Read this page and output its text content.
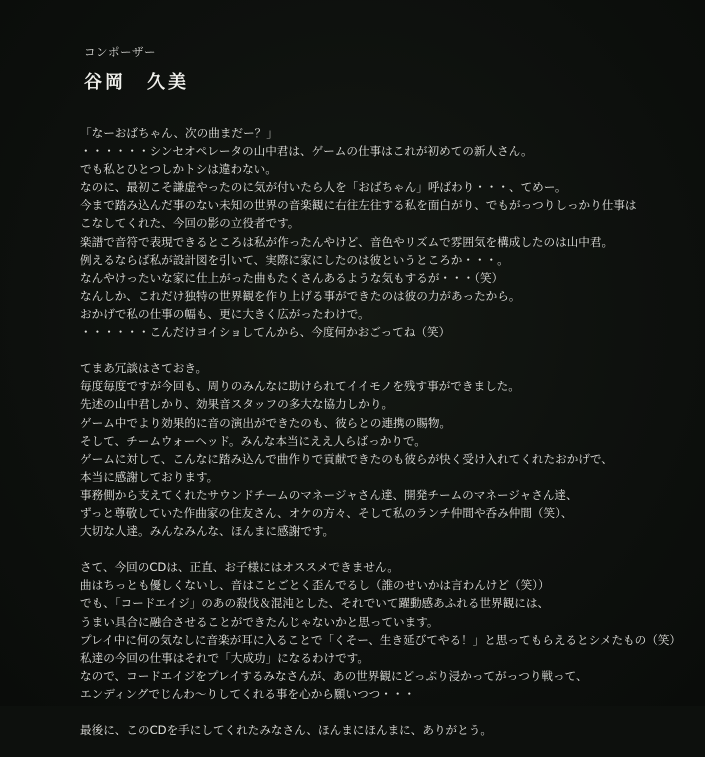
コンポーザー
谷岡　久美
「なーおばちゃん、次の曲まだー？」
・・・・・・シンセオペレータの山中君は、ゲームの仕事はこれが初めての新人さん。
でも私とひとつしかトシは違わない。
なのに、最初こそ謙虚やったのに気が付いたら人を「おばちゃん」呼ばわり・・・、てめー。
今まで踏み込んだ事のない未知の世界の音楽観に右往左往する私を面白がり、でもがっつりしっかり仕事は
こなしてくれた、今回の影の立役者です。
楽譜で音符で表現できるところは私が作ったんやけど、音色やリズムで雰囲気を構成したのは山中君。
例えるならば私が設計図を引いて、実際に家にしたのは彼というところか・・・。
なんやけったいな家に仕上がった曲もたくさんあるような気もするが・・・（笑）
なんしか、これだけ独特の世界観を作り上げる事ができたのは彼の力があったから。
おかげで私の仕事の幅も、更に大きく広がったわけで。
・・・・・・こんだけヨイショしてんから、今度何かおごってね（笑）
てまあ冗談はさておき。
毎度毎度ですが今回も、周りのみんなに助けられてイイモノを残す事ができました。
先述の山中君しかり、効果音スタッフの多大な協力しかり。
ゲーム中でより効果的に音の演出ができたのも、彼らとの連携の賜物。
そして、チームウォーヘッド。みんな本当にええ人らばっかりで。
ゲームに対して、こんなに踏み込んで曲作りで貢献できたのも彼らが快く受け入れてくれたおかげで、
本当に感謝しております。
事務側から支えてくれたサウンドチームのマネージャさん達、開発チームのマネージャさん達、
ずっと尊敬していた作曲家の住友さん、オケの方々、そして私のランチ仲間や呑み仲間（笑）、
大切な人達。みんなみんな、ほんまに感謝です。
さて、今回のCDは、正直、お子様にはオススメできません。
曲はちっとも優しくないし、音はことごとく歪んでるし（誰のせいかは言わんけど（笑））
でも、「コードエイジ」のあの殺伐＆混沌とした、それでいて躍動感あふれる世界観には、
うまい具合に融合させることができたんじゃないかと思っています。
プレイ中に何の気なしに音楽が耳に入ることで「くそー、生き延びてやる！」と思ってもらえるとシメたもの（笑）
私達の今回の仕事はそれで「大成功」になるわけです。
なので、コードエイジをプレイするみなさんが、あの世界観にどっぷり浸かってがっつり戦って、
エンディングでじんわ～りしてくれる事を心から願いつつ・・・
最後に、このCDを手にしてくれたみなさん、ほんまにほんまに、ありがとう。
